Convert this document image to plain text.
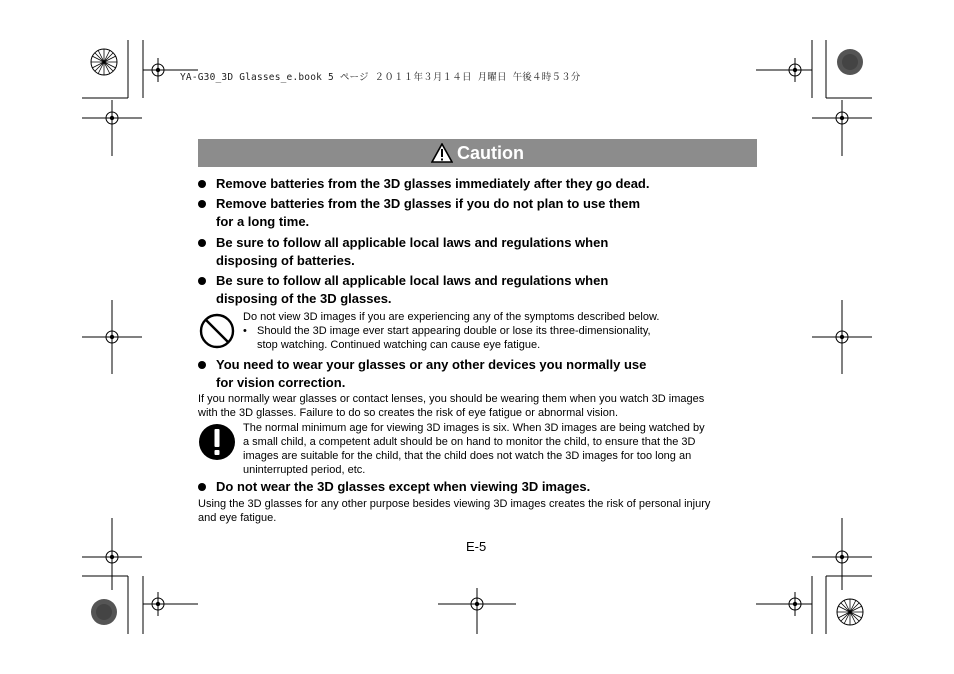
YA-G30_3D Glasses_e.book 5 ページ ２０１１年３月１４日 月曜日 午後４時５３分
Caution
Remove batteries from the 3D glasses immediately after they go dead.
Remove batteries from the 3D glasses if you do not plan to use them
for a long time.
Be sure to follow all applicable local laws and regulations when
disposing of batteries.
Be sure to follow all applicable local laws and regulations when
disposing of the 3D glasses.
Do not view 3D images if you are experiencing any of the symptoms described below.
• Should the 3D image ever start appearing double or lose its three-dimensionality,
stop watching. Continued watching can cause eye fatigue.
You need to wear your glasses or any other devices you normally use
for vision correction.
If you normally wear glasses or contact lenses, you should be wearing them when you watch 3D images
with the 3D glasses. Failure to do so creates the risk of eye fatigue or abnormal vision.
The normal minimum age for viewing 3D images is six. When 3D images are being watched by
a small child, a competent adult should be on hand to monitor the child, to ensure that the 3D
images are suitable for the child, that the child does not watch the 3D images for too long an
uninterrupted period, etc.
Do not wear the 3D glasses except when viewing 3D images.
Using the 3D glasses for any other purpose besides viewing 3D images creates the risk of personal injury
and eye fatigue.
E-5
